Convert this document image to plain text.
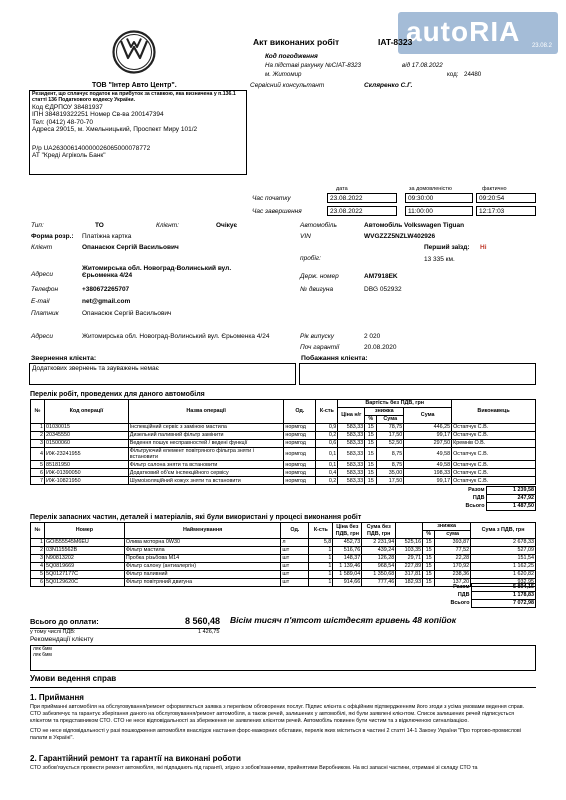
autoRIA 23.08.2
Акт виконаних робіт	IAT-8323
Код погодження
На підставі рахунку №СІАТ-8323	від 17.08.2022
м. Житомир	код: 24480
ТОВ "Інтер Авто Центр".	Сервісний консультант	Скляренко С.Г.
Резидент, що сплачує податок на прибуток за ставкою, яка визначена у п.136.1
статті 136 Податкового кодексу України.
Код ЄДРПОУ 38481937
ІПН 384819322251 Номер Св-ва 200147394
Тел: (0412) 48-70-70
Адреса 29015, м. Хмельницький, Проспект Миру 101/2
Р/р UA263006140000026065000078772
АТ "Креді Агріколь Банк"
дата	за домовленістю	фактично
Час початку	23.08.2022	09:30:00	09:20:54
Час завершення	23.08.2022	11:00:00	12:17:03
Тип:	ТО	Клієнт:	Очікує
Форма розр.: Платіжна картка
Клієнт	Опанасюк Сергій Васильович
Адреси
Житомирська обл. Новоград-Волинський вул. Єрьоменка 4/24
Телефон	+380672265707
E-mail	net@gmail.com
Платник	Опанасюк Сергій Васильович
Адреси	Житомирська обл. Новоград-Волинський вул. Єрьоменка 4/24
Автомобіль	Автомобіль Volkswagen Tiguan
VIN	WVGZZZ5NZLW402926
Перший заїзд: Ні
пробіг:	13 335 км.
Держ. номер	AM7918EK
№ двигуна	DBG 052932
Рік випуску	2 020
Поч гарантії	20.08.2020
Звернення клієнта:
Додаткових звернень та зауважень немає
Побажання клієнта:
Перелік робіт, проведених для даного автомобіля
№	Код операції	Назва операції	Од.	К-сть	Вартість без ПДВ, грн				Виконавець
					Ціна н/г	знижка		Сума	
						%	Сума		
1	01030015	Інспекційний сервіс з заміною мастила	нормгод	0,9	583,33	15	78,75	446,25	Остапчук С.В.
2	20345550	Дизельний паливний фільтр замінити	нормгод	0,2	583,33	15	17,50	99,17	Остапчук С.В.
3	01500060	Ведення пошук несправностей / ведені функції	нормгод	0,6	583,33	15	52,50	297,50	Кремнів О.В.
4	ИЖ-23241955	Фільтруючий елемент повітряного фільтра зняти і встановити	нормгод	0,1	583,33	15	8,75	49,58	Остапчук С.В.
5	85181950	Фільтр салона зняти та встановити	нормгод	0,1	583,33	15	8,75	49,58	Остапчук С.В.
6	ИЖ-01390050	Додатковий об'єм інспекційного сервісу	нормгод	0,4	583,33	15	35,00	198,33	Остапчук С.В.
7	ИЖ-10821950	Шумоізоляційний кожух зняти та встановити	нормгод	0,2	583,33	15	17,50	99,17	Остапчук С.В.
Разом	1 239,58
ПДВ	247,92
Всього	1 487,50
Перелік запасних частин, деталей і матеріалів, які були використані у процесі виконання робіт
№	Номер	Найменування	Од.	К-сть	Ціна без ПДВ, грн	Сума без ПДВ, грн		знижка		Сума з ПДВ, грн
								%	сума	
1	GOI555545M6EU	Олива моторна 0W30	л	5,8	452,73	2 231,94	525,16	15	393,87	2 678,33
2	03N115562B	Фільтр мастила	шт	1	516,76	439,24	103,35	15	77,52	527,09
3	N90813202	Пробка різьбова М14	шт	1	148,37	126,28	29,71	15	22,28	151,54
4	5Q0819669	Фільтр салону (антиалергін)	шт	1	1 139,46	968,54	227,89	15	170,92	1 162,25
5	5Q0127177C	Фільтр паливний	шт	1	1 589,04	1 350,68	317,81	15	238,36	1 620,82
6	5Q0129620C	Фільтр повітряний двигуна	шт	1	914,66	777,46	182,93	15	137,20	932,95
Разом	5 894,15
ПДВ	1 178,83
Всього	7 072,98
Всього до оплати:	8 560,48 Вісім тисяч п'ятсот шістдесят гривень 48 копійок
у тому числі ПДВ:	1 426,75
Рекомендації клієнту
ляк 6мм
ляк 6мм
Умови ведення справ
1. Приймання
При прийманні автомобіля на обслуговування/ремонт оформляється заявка з переліком обговорених послуг. Підпис клієнта є офіційним підтвердженням його згоди з усіма умовами ведення справ. СТО забезпечує та гарантує зберігання даного на обслуговування/ремонт автомобіля, а також речей, залишених у автомобілі, які були заявлені клієнтом. Список залишених речей підписується клієнтом та представником СТО. СТО не несе відповідальності за збереження не заявлених клієнтом речей. Автомобіль повинен бути чистим та з відключеною сигналізацією.
СТО не несе відповідальності у разі пошкодження автомобіля внаслідок настання форс-мажорних обставин, перелік яких міститься в частині 2 статті 14-1 Закону України "Про торгово-промислові палати в Україні".
2. Гарантійний ремонт та гарантії на виконані роботи
СТО зобов'язується провести ремонт автомобіля, які підпадають під гарантії, згідно з зобов'язаннями, прийнятими Виробником. На всі запасні частини, отримані зі складу СТО та
